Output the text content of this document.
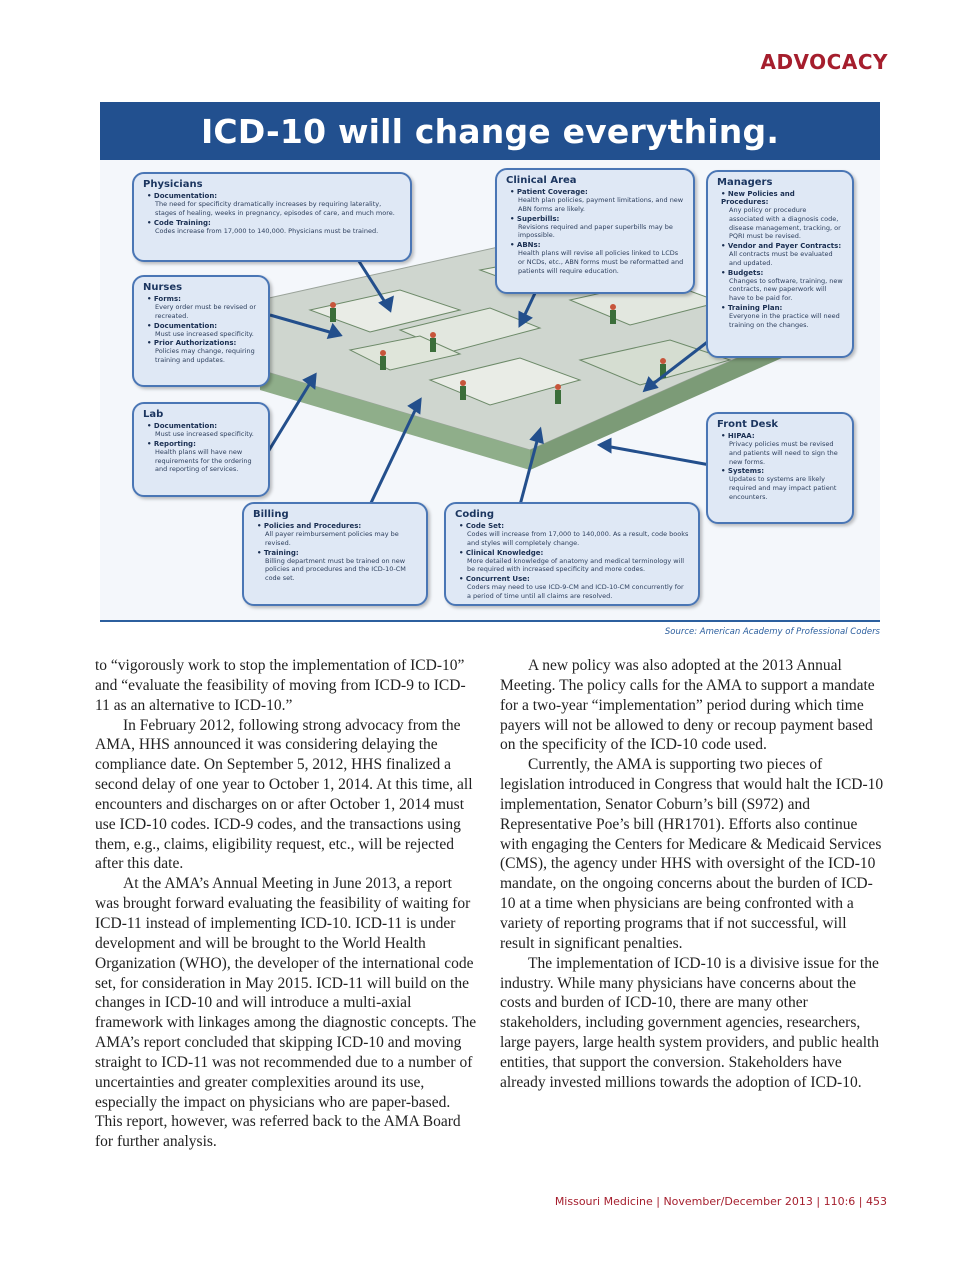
ADVOCACY
ICD-10 will change everything.
Physicians
• Documentation:
The need for specificity dramatically increases by requiring laterality, stages of healing, weeks in pregnancy, episodes of care, and much more.
• Code Training:
Codes increase from 17,000 to 140,000. Physicians must be trained.
Nurses
• Forms:
Every order must be revised or recreated.
• Documentation:
Must use increased specificity.
• Prior Authorizations:
Policies may change, requiring training and updates.
Lab
• Documentation:
Must use increased specificity.
• Reporting:
Health plans will have new requirements for the ordering and reporting of services.
Billing
• Policies and Procedures:
All payer reimbursement policies may be revised.
• Training:
Billing department must be trained on new policies and procedures and the ICD-10-CM code set.
Coding
• Code Set:
Codes will increase from 17,000 to 140,000. As a result, code books and styles will completely change.
• Clinical Knowledge:
More detailed knowledge of anatomy and medical terminology will be required with increased specificity and more codes.
• Concurrent Use:
Coders may need to use ICD-9-CM and ICD-10-CM concurrently for a period of time until all claims are resolved.
Clinical Area
• Patient Coverage:
Health plan policies, payment limitations, and new ABN forms are likely.
• Superbills:
Revisions required and paper superbills may be impossible.
• ABNs:
Health plans will revise all policies linked to LCDs or NCDs, etc., ABN forms must be reformatted and patients will require education.
Managers
• New Policies and Procedures:
Any policy or procedure associated with a diagnosis code, disease management, tracking, or PQRI must be revised.
• Vendor and Payer Contracts:
All contracts must be evaluated and updated.
• Budgets:
Changes to software, training, new contracts, new paperwork will have to be paid for.
• Training Plan:
Everyone in the practice will need training on the changes.
Front Desk
• HIPAA:
Privacy policies must be revised and patients will need to sign the new forms.
• Systems:
Updates to systems are likely required and may impact patient encounters.
Source: American Academy of Professional Coders

to “vigorously work to stop the implementation of ICD-10” and “evaluate the feasibility of moving from ICD-9 to ICD-11 as an alternative to ICD-10.”

In February 2012, following strong advocacy from the AMA, HHS announced it was considering delaying the compliance date. On September 5, 2012, HHS finalized a second delay of one year to October 1, 2014. At this time, all encounters and discharges on or after October 1, 2014 must use ICD-10 codes. ICD-9 codes, and the transactions using them, e.g., claims, eligibility request, etc., will be rejected after this date.

At the AMA’s Annual Meeting in June 2013, a report was brought forward evaluating the feasibility of waiting for ICD-11 instead of implementing ICD-10. ICD-11 is under development and will be brought to the World Health Organization (WHO), the developer of the international code set, for consideration in May 2015. ICD-11 will build on the changes in ICD-10 and will introduce a multi-axial framework with linkages among the diagnostic concepts. The AMA’s report concluded that skipping ICD-10 and moving straight to ICD-11 was not recommended due to a number of uncertainties and greater complexities around its use, especially the impact on physicians who are paper-based. This report, however, was referred back to the AMA Board for further analysis.

A new policy was also adopted at the 2013 Annual Meeting. The policy calls for the AMA to support a mandate for a two-year “implementation” period during which time payers will not be allowed to deny or recoup payment based on the specificity of the ICD-10 code used.

Currently, the AMA is supporting two pieces of legislation introduced in Congress that would halt the ICD-10 implementation, Senator Coburn’s bill (S972) and Representative Poe’s bill (HR1701). Efforts also continue with engaging the Centers for Medicare & Medicaid Services (CMS), the agency under HHS with oversight of the ICD-10 mandate, on the ongoing concerns about the burden of ICD-10 at a time when physicians are being confronted with a variety of reporting programs that if not successful, will result in significant penalties.

The implementation of ICD-10 is a divisive issue for the industry. While many physicians have concerns about the costs and burden of ICD-10, there are many other stakeholders, including government agencies, researchers, large payers, large health system providers, and public health entities, that support the conversion. Stakeholders have already invested millions towards the adoption of ICD-10.

Missouri Medicine | November/December 2013 | 110:6 | 453
